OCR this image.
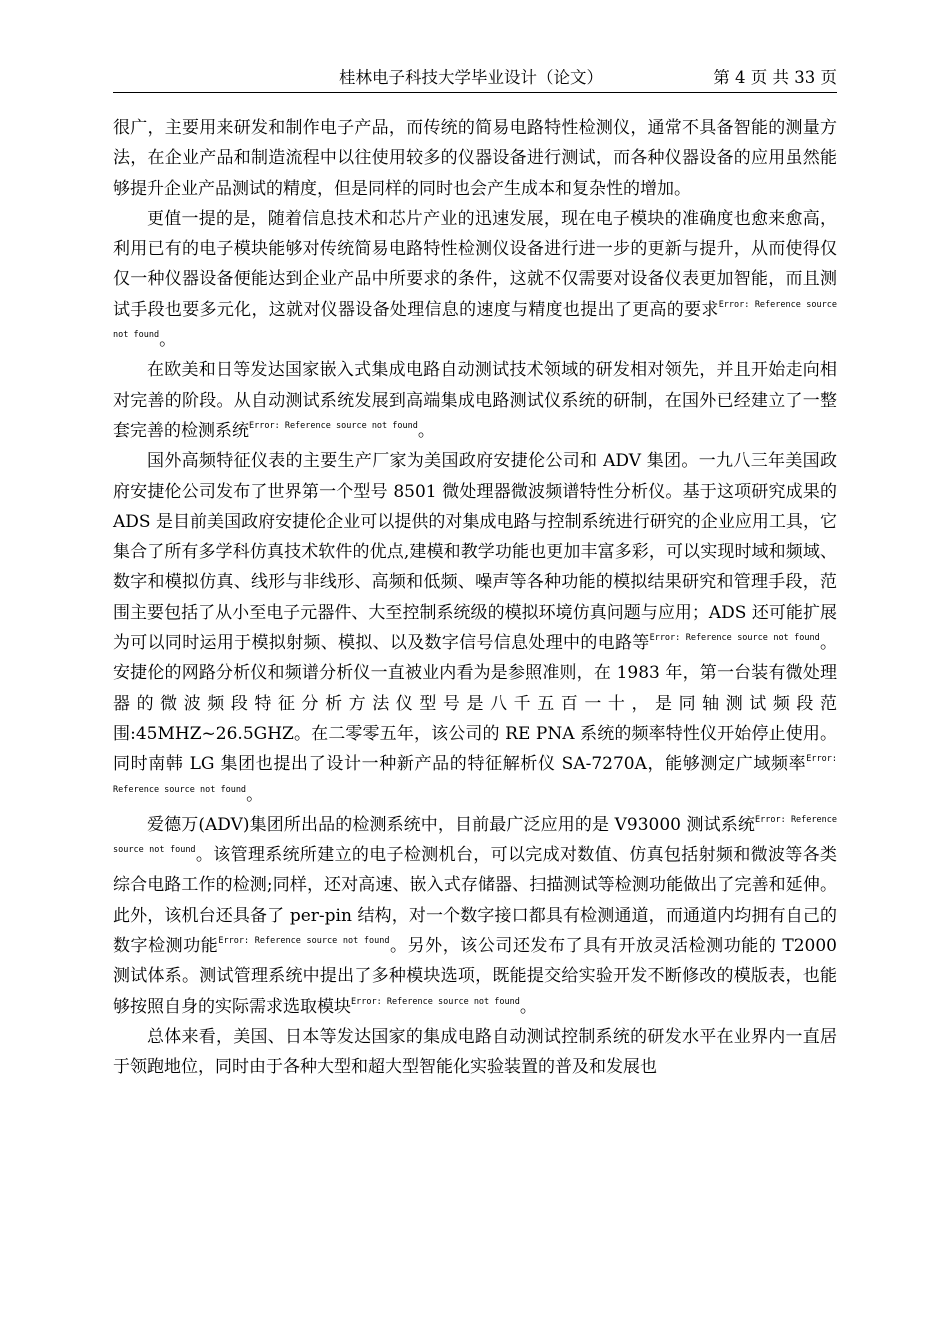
桂林电子科技大学毕业设计（论文）	第 4 页 共 33 页

很广，主要用来研发和制作电子产品，而传统的简易电路特性检测仪，通常不具备智能的测量方法，在企业产品和制造流程中以往使用较多的仪器设备进行测试，而各种仪器设备的应用虽然能够提升企业产品测试的精度，但是同样的同时也会产生成本和复杂性的增加。

更值一提的是，随着信息技术和芯片产业的迅速发展，现在电子模块的准确度也愈来愈高，利用已有的电子模块能够对传统简易电路特性检测仪设备进行进一步的更新与提升，从而使得仅仅一种仪器设备便能达到企业产品中所要求的条件，这就不仅需要对设备仪表更加智能，而且测试手段也要多元化，这就对仪器设备处理信息的速度与精度也提出了更高的要求$^{Error: Reference source not found}$。

在欧美和日等发达国家嵌入式集成电路自动测试技术领域的研发相对领先，并且开始走向相对完善的阶段。从自动测试系统发展到高端集成电路测试仪系统的研制，在国外已经建立了一整套完善的检测系统$^{Error: Reference source not found}$。

国外高频特征仪表的主要生产厂家为美国政府安捷伦公司和 ADV 集团。一九八三年美国政府安捷伦公司发布了世界第一个型号 8501 微处理器微波频谱特性分析仪。基于这项研究成果的 ADS 是目前美国政府安捷伦企业可以提供的对集成电路与控制系统进行研究的企业应用工具，它集合了所有多学科仿真技术软件的优点,建模和教学功能也更加丰富多彩，可以实现时域和频域、数字和模拟仿真、线形与非线形、高频和低频、噪声等各种功能的模拟结果研究和管理手段，范围主要包括了从小至电子元器件、大至控制系统级的模拟环境仿真问题与应用；ADS 还可能扩展为可以同时运用于模拟射频、模拟、以及数字信号信息处理中的电路等$^{Error: Reference source not found}$。安捷伦的网路分析仪和频谱分析仪一直被业内看为是参照准则，在 1983 年，第一台装有微处理器的微波频段特征分析方法仪型号是八千五百一十，是同轴测试频段范围:45MHZ~26.5GHZ。在二零零五年，该公司的 RE PNA 系统的频率特性仪开始停止使用。同时南韩 LG 集团也提出了设计一种新产品的特征解析仪 SA-7270A，能够测定广域频率$^{Error: Reference source not found}$。

爱德万(ADV)集团所出品的检测系统中，目前最广泛应用的是 V93000 测试系统$^{Error: Reference source not found}$。该管理系统所建立的电子检测机台，可以完成对数值、仿真包括射频和微波等各类综合电路工作的检测;同样，还对高速、嵌入式存储器、扫描测试等检测功能做出了完善和延伸。此外，该机台还具备了 per-pin 结构，对一个数字接口都具有检测通道，而通道内均拥有自己的数字检测功能$^{Error: Reference source not found}$。另外，该公司还发布了具有开放灵活检测功能的 T2000 测试体系。测试管理系统中提出了多种模块选项，既能提交给实验开发不断修改的模版表，也能够按照自身的实际需求选取模块$^{Error: Reference source not found}$。

总体来看，美国、日本等发达国家的集成电路自动测试控制系统的研发水平在业界内一直居于领跑地位，同时由于各种大型和超大型智能化实验装置的普及和发展也
